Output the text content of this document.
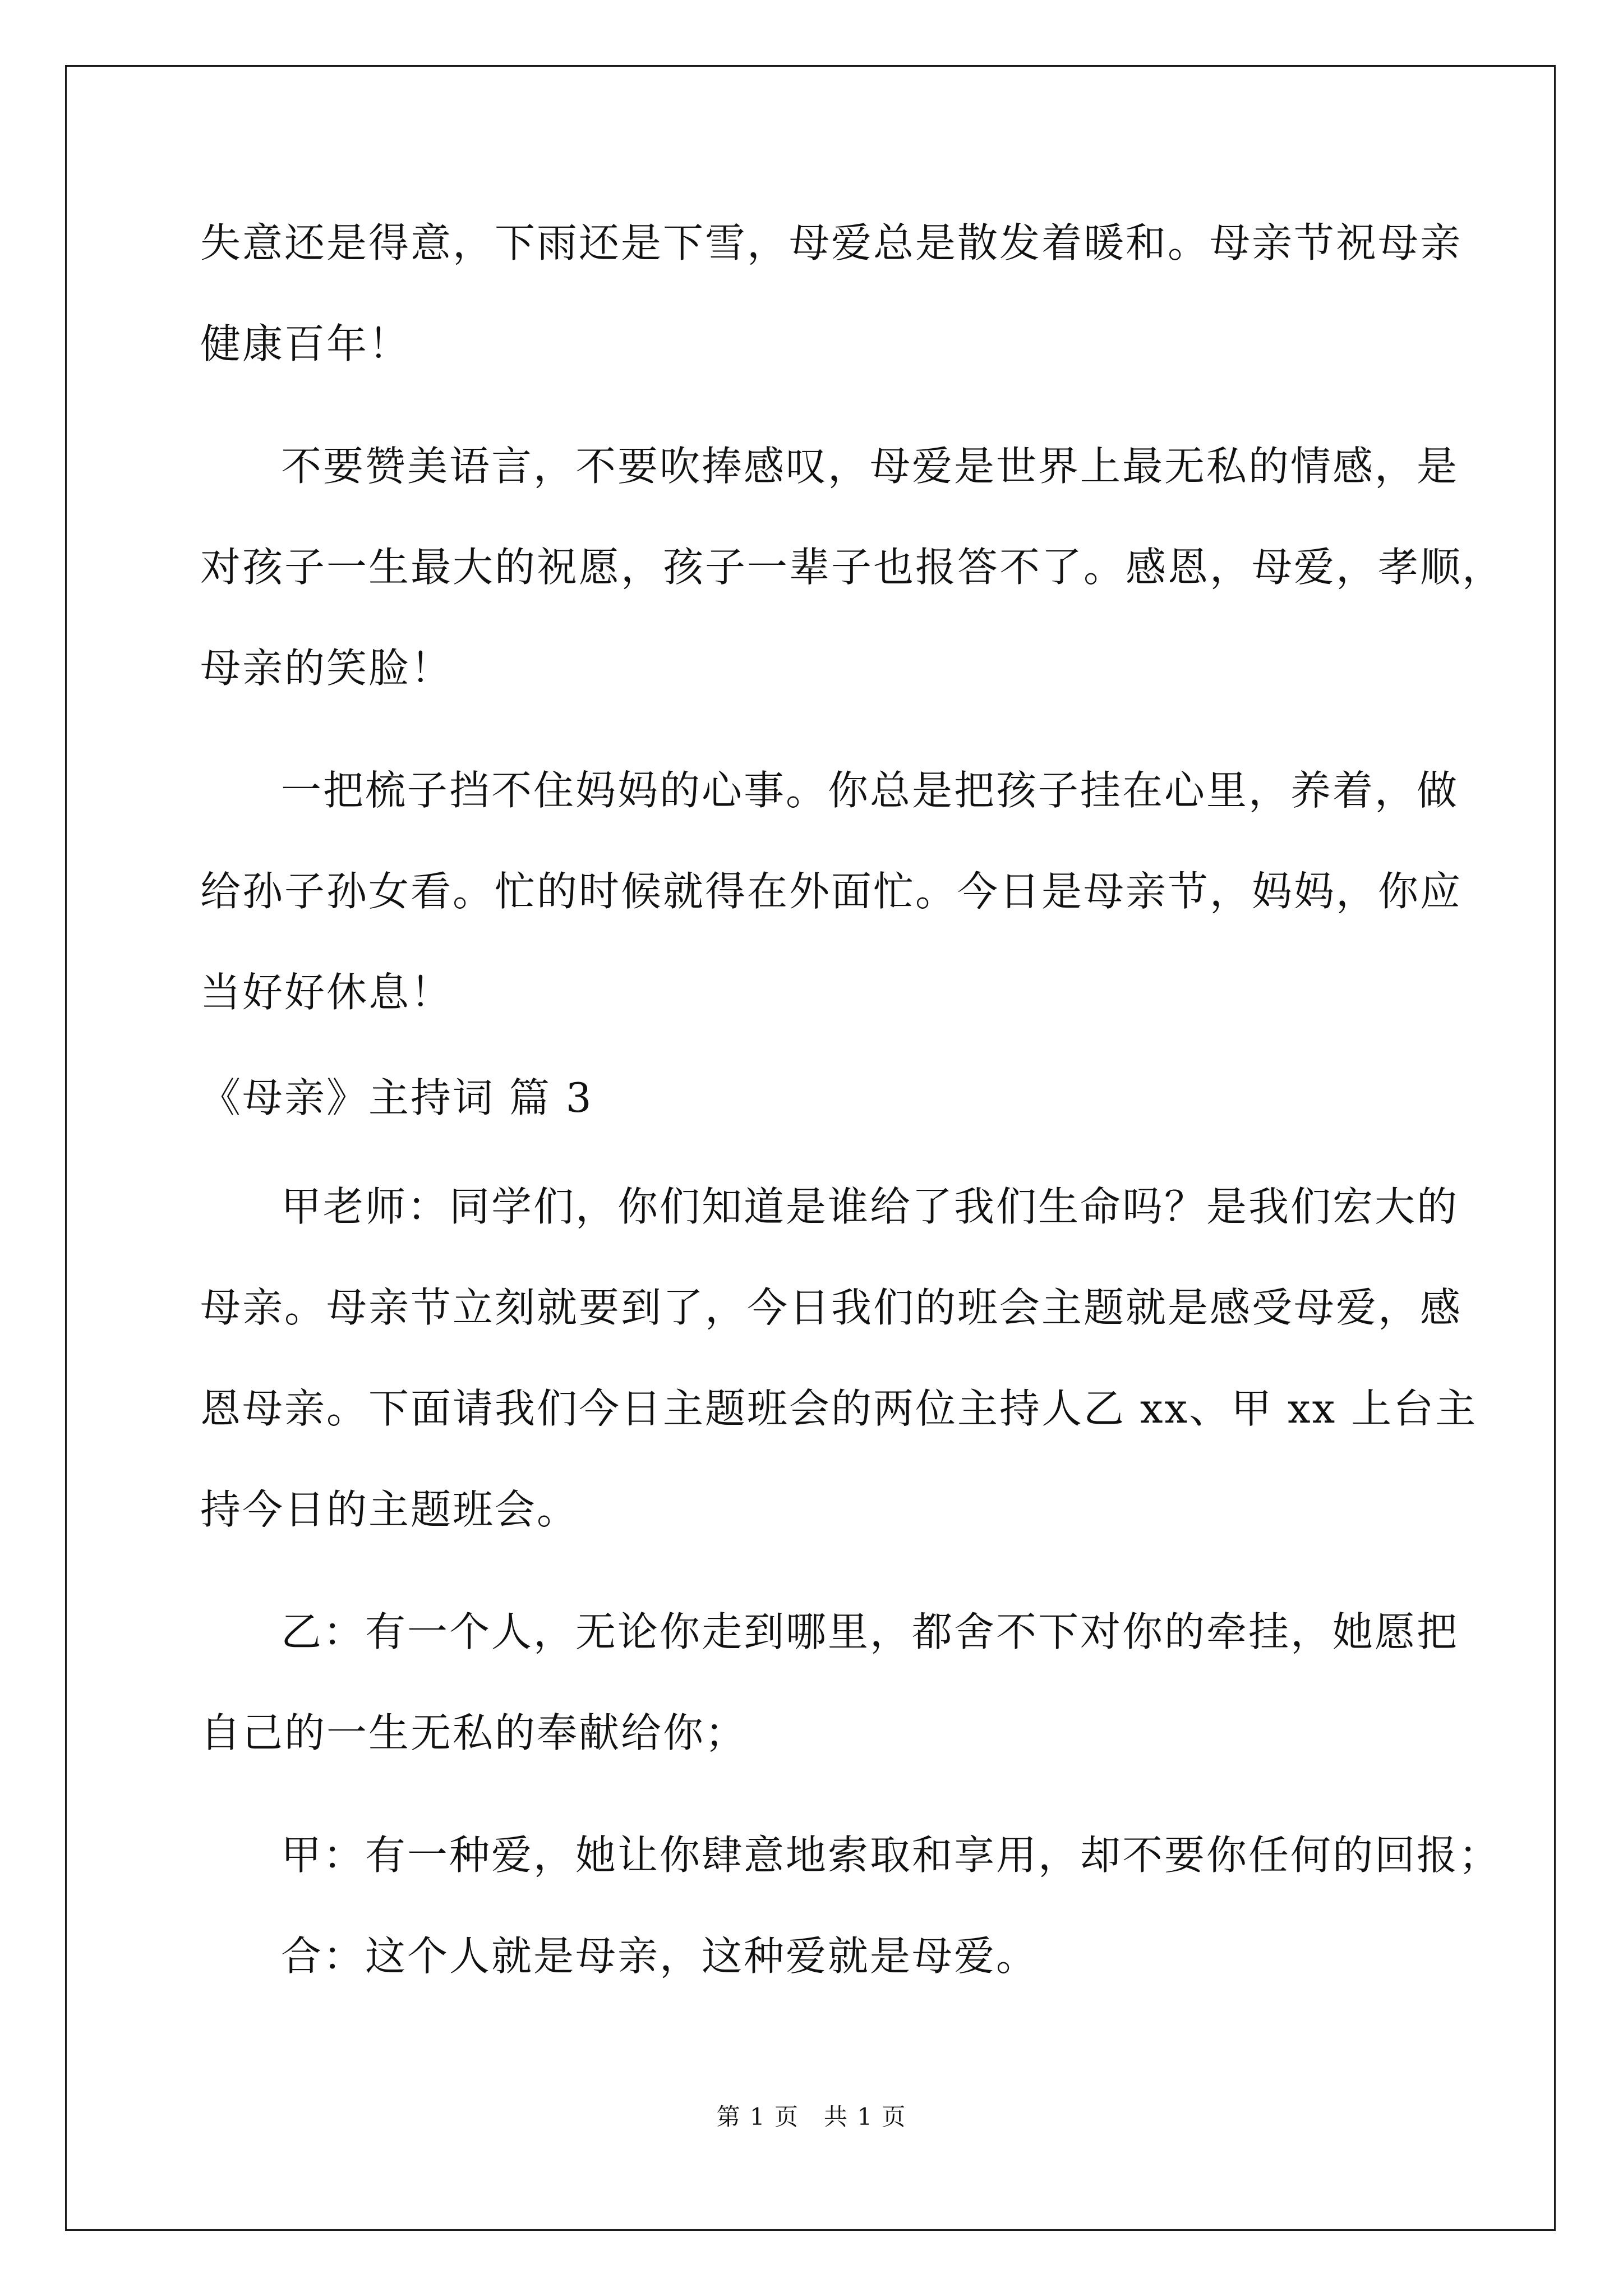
失意还是得意，下雨还是下雪，母爱总是散发着暖和。母亲节祝母亲
健康百年！
不要赞美语言，不要吹捧感叹，母爱是世界上最无私的情感，是
对孩子一生最大的祝愿，孩子一辈子也报答不了。感恩，母爱，孝顺，
母亲的笑脸！
一把梳子挡不住妈妈的心事。你总是把孩子挂在心里，养着，做
给孙子孙女看。忙的时候就得在外面忙。今日是母亲节，妈妈，你应
当好好休息！
《母亲》主持词 篇 3
甲老师：同学们，你们知道是谁给了我们生命吗？是我们宏大的
母亲。母亲节立刻就要到了，今日我们的班会主题就是感受母爱，感
恩母亲。下面请我们今日主题班会的两位主持人乙 xx、甲 xx 上台主
持今日的主题班会。
乙：有一个人，无论你走到哪里，都舍不下对你的牵挂，她愿把
自己的一生无私的奉献给你；
甲：有一种爱，她让你肆意地索取和享用，却不要你任何的回报；
合：这个人就是母亲，这种爱就是母爱。
第 1 页　共 1 页
